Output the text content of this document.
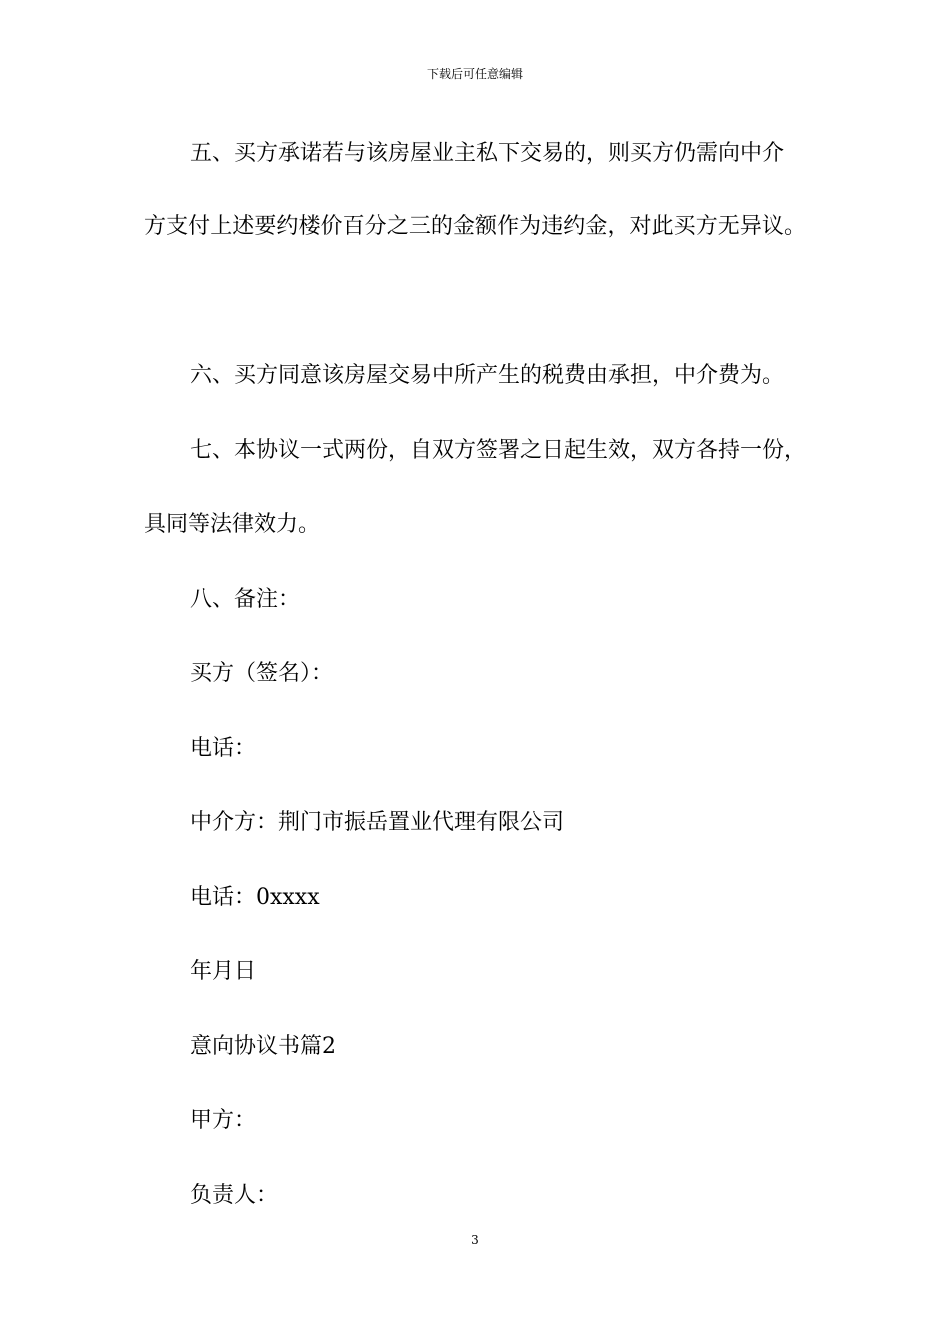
下载后可任意编辑
五、买方承诺若与该房屋业主私下交易的，则买方仍需向中介
方支付上述要约楼价百分之三的金额作为违约金，对此买方无异议。
六、买方同意该房屋交易中所产生的税费由承担，中介费为。
七、本协议一式两份，自双方签署之日起生效，双方各持一份，
具同等法律效力。
八、备注：
买方（签名）：
电话：
中介方：荆门市振岳置业代理有限公司
电话：0xxxx
年月日
意向协议书篇2
甲方：
负责人：
3
